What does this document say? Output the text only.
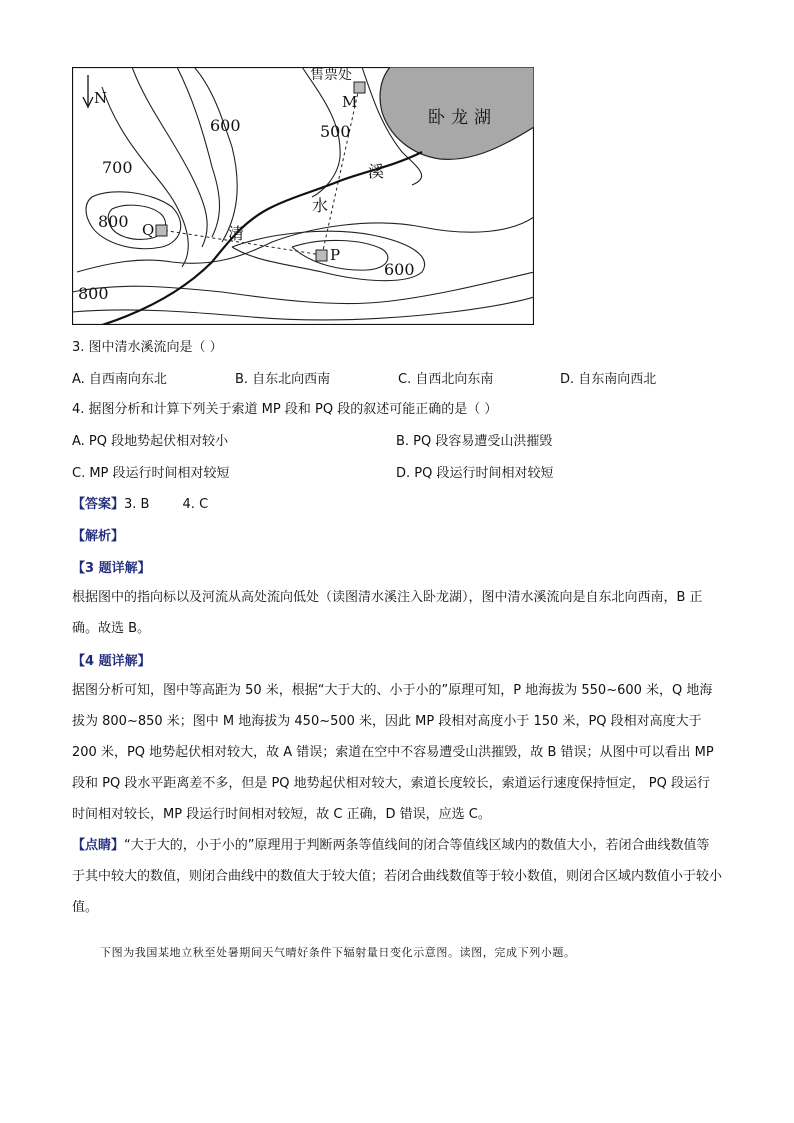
N
售票处
M
P
Q
卧龙湖
溪
水
清
600	500
700
800
600
800
3. 图中清水溪流向是（ ）
A. 自西南向东北	B. 自东北向西南	C. 自西北向东南	D. 自东南向西北
4. 据图分析和计算下列关于索道 MP 段和 PQ 段的叙述可能正确的是（ ）
A. PQ 段地势起伏相对较小	B. PQ 段容易遭受山洪摧毁
C. MP 段运行时间相对较短	D. PQ 段运行时间相对较短
【答案】3. B        4. C
【解析】
【3 题详解】
根据图中的指向标以及河流从高处流向低处（读图清水溪注入卧龙湖），图中清水溪流向是自东北向西南，B 正确。故选 B。
【4 题详解】
据图分析可知，图中等高距为 50 米，根据“大于大的、小于小的”原理可知，P 地海拔为 550~600 米，Q 地海拔为 800~850 米；图中 M 地海拔为 450~500 米，因此 MP 段相对高度小于 150 米，PQ 段相对高度大于 200 米，PQ 地势起伏相对较大，故 A 错误；索道在空中不容易遭受山洪摧毁，故 B 错误；从图中可以看出 MP 段和 PQ 段水平距离差不多，但是 PQ 地势起伏相对较大，索道长度较长，索道运行速度保持恒定， PQ 段运行时间相对较长，MP 段运行时间相对较短，故 C 正确，D 错误，应选 C。
【点睛】“大于大的，小于小的”原理用于判断两条等值线间的闭合等值线区域内的数值大小，若闭合曲线数值等于其中较大的数值，则闭合曲线中的数值大于较大值；若闭合曲线数值等于较小数值，则闭合区域内数值小于较小值。
下图为我国某地立秋至处暑期间天气晴好条件下辐射量日变化示意图。读图，完成下列小题。
